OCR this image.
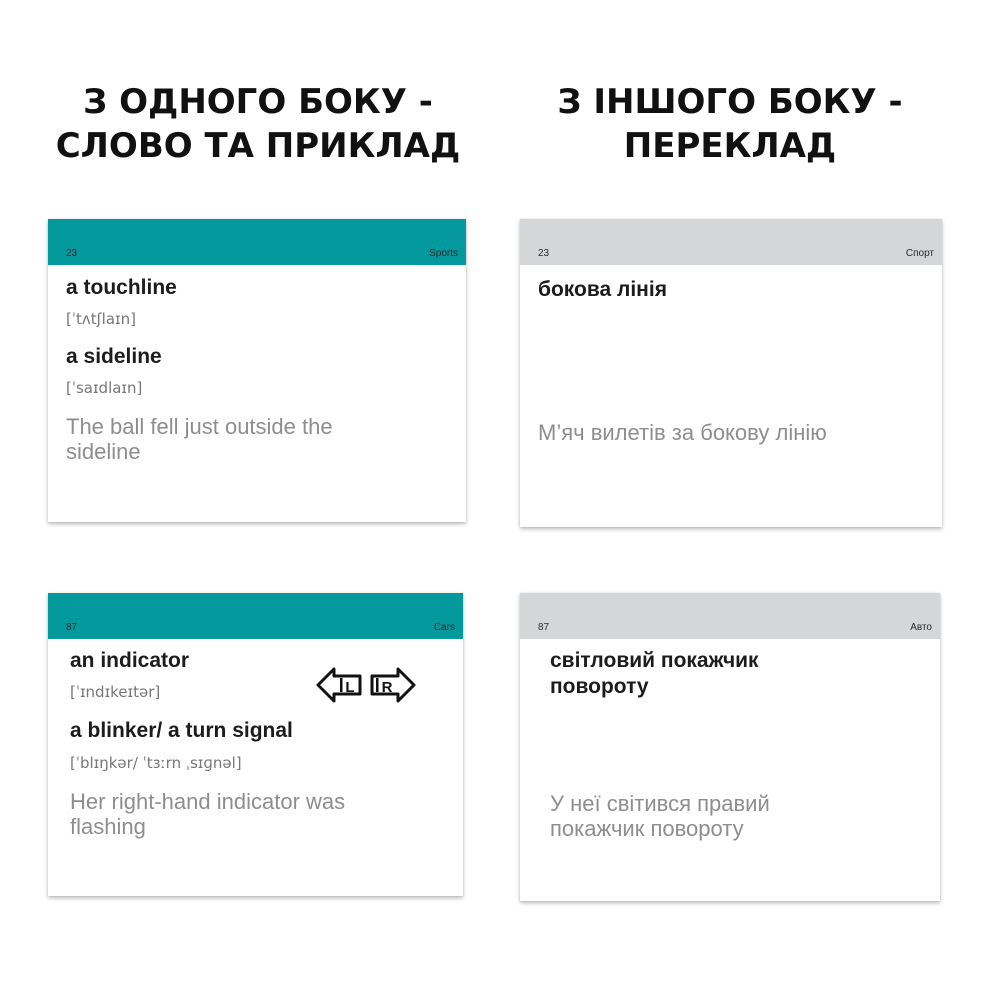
З ОДНОГО БОКУ -
СЛОВО ТА ПРИКЛАД
З ІНШОГО БОКУ -
ПЕРЕКЛАД
23	Sports
a touchline
[ˈtʌtʃlaɪn]
a sideline
[ˈsaɪdlaɪn]
The ball fell just outside the
sideline
23	Спорт
бокова лінія
М’яч вилетів за бокову лінію
87	Cars
an indicator
[ˈɪndɪkeɪtər]	L R
a blinker/ a turn signal
[ˈblɪŋkər/ ˈtɜːrn ˌsɪɡnəl]
Her right-hand indicator was
flashing
87	Авто
світловий покажчик
повороту
У неї світився правий
покажчик повороту
